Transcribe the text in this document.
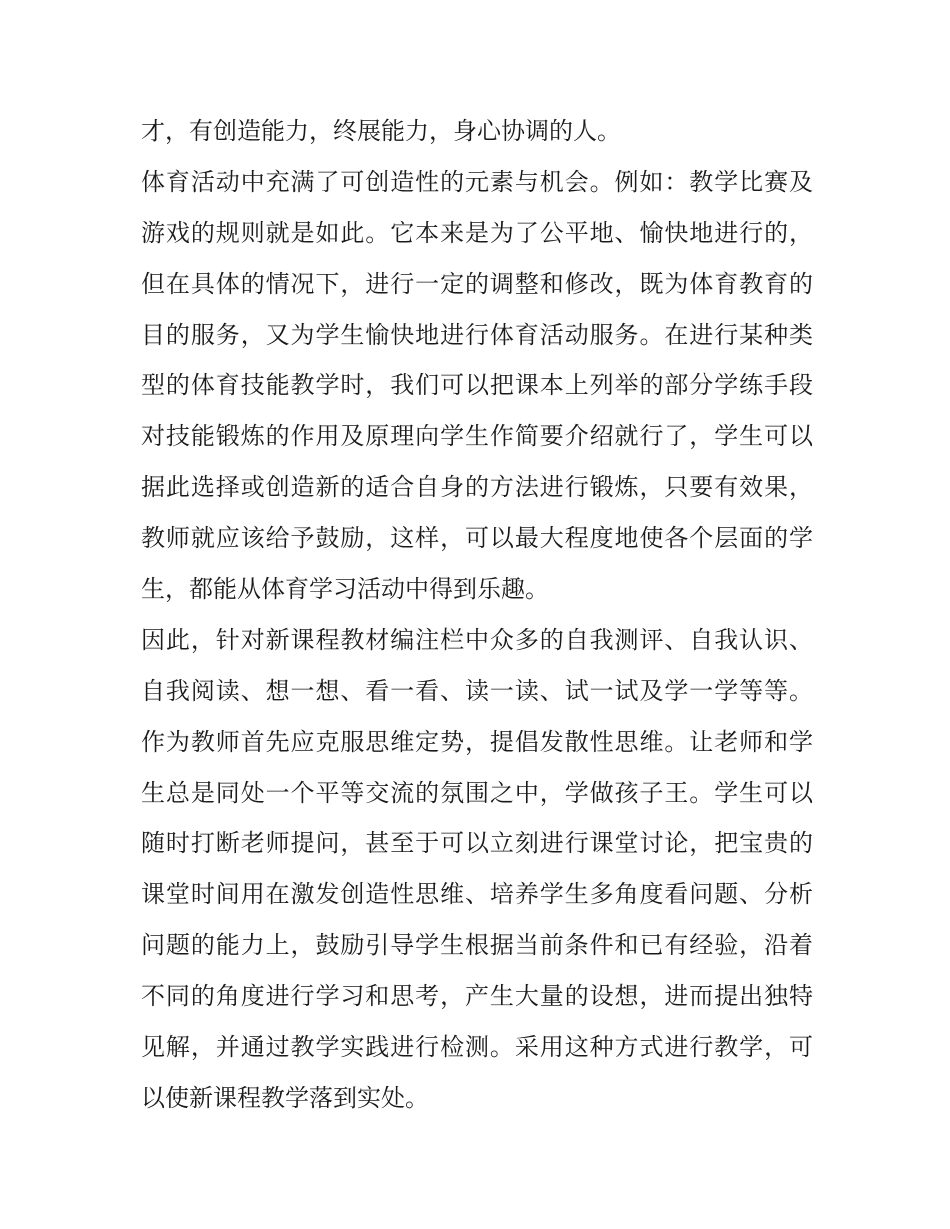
才，有创造能力，终展能力，身心协调的人。
体育活动中充满了可创造性的元素与机会。例如：教学比赛及
游戏的规则就是如此。它本来是为了公平地、愉快地进行的，
但在具体的情况下，进行一定的调整和修改，既为体育教育的
目的服务，又为学生愉快地进行体育活动服务。在进行某种类
型的体育技能教学时，我们可以把课本上列举的部分学练手段
对技能锻炼的作用及原理向学生作简要介绍就行了，学生可以
据此选择或创造新的适合自身的方法进行锻炼，只要有效果，
教师就应该给予鼓励，这样，可以最大程度地使各个层面的学
生，都能从体育学习活动中得到乐趣。
因此，针对新课程教材编注栏中众多的自我测评、自我认识、
自我阅读、想一想、看一看、读一读、试一试及学一学等等。
作为教师首先应克服思维定势，提倡发散性思维。让老师和学
生总是同处一个平等交流的氛围之中，学做孩子王。学生可以
随时打断老师提问，甚至于可以立刻进行课堂讨论，把宝贵的
课堂时间用在激发创造性思维、培养学生多角度看问题、分析
问题的能力上，鼓励引导学生根据当前条件和已有经验，沿着
不同的角度进行学习和思考，产生大量的设想，进而提出独特
见解，并通过教学实践进行检测。采用这种方式进行教学，可
以使新课程教学落到实处。
